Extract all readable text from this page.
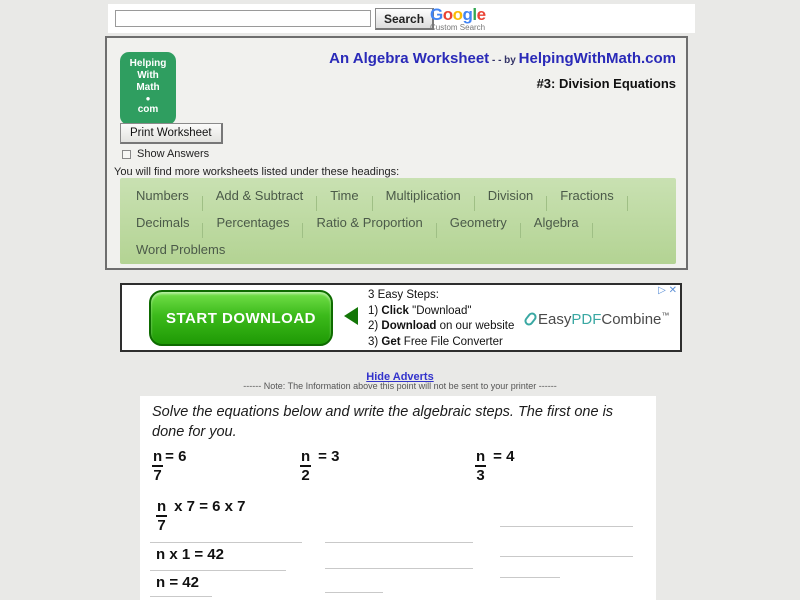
Search Google
Custom Search
Helping
With
Math
●
com
An Algebra Worksheet - - by HelpingWithMath.com
#3: Division Equations
Print Worksheet
Show Answers
You will find more worksheets listed under these headings:
Numbers	Add & Subtract	Time	Multiplication	Division	Fractions
Decimals	Percentages	Ratio & Proportion	Geometry	Algebra
Word Problems
START DOWNLOAD
3 Easy Steps:
1) Click "Download"
2) Download on our website
3) Get Free File Converter
EasyPDFCombine™
▷ ✕
Hide Adverts
------ Note: The Information above this point will not be sent to your printer ------
Solve the equations below and write the algebraic steps. The first one is done for you.
$\frac{n}{7} = 6$	$\frac{n}{2} = 3$	$\frac{n}{3} = 4$
$\frac{n}{7}$ x 7 = 6 x 7
n x 1 = 42
n = 42
